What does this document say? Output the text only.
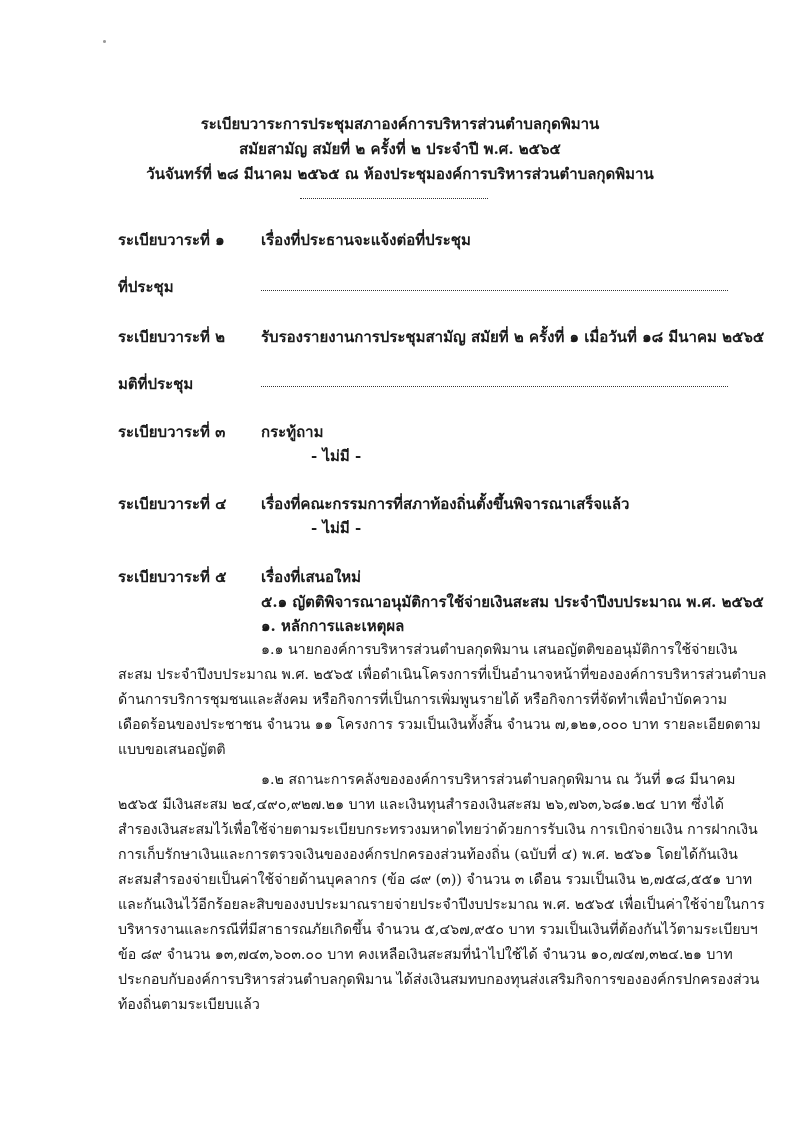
ระเบียบวาระการประชุมสภาองค์การบริหารส่วนตำบลกุดพิมาน
สมัยสามัญ สมัยที่ ๒ ครั้งที่ ๒ ประจำปี พ.ศ. ๒๕๖๕
วันจันทร์ที่ ๒๘ มีนาคม ๒๕๖๕ ณ ห้องประชุมองค์การบริหารส่วนตำบลกุดพิมาน
ระเบียบวาระที่ ๑ เรื่องที่ประธานจะแจ้งต่อที่ประชุม
ที่ประชุม
ระเบียบวาระที่ ๒ รับรองรายงานการประชุมสามัญ สมัยที่ ๒ ครั้งที่ ๑ เมื่อวันที่ ๑๘ มีนาคม ๒๕๖๕
มติที่ประชุม
ระเบียบวาระที่ ๓ กระทู้ถาม
- ไม่มี -
ระเบียบวาระที่ ๔ เรื่องที่คณะกรรมการที่สภาท้องถิ่นตั้งขึ้นพิจารณาเสร็จแล้ว
- ไม่มี -
ระเบียบวาระที่ ๕ เรื่องที่เสนอใหม่
๕.๑ ญัตติพิจารณาอนุมัติการใช้จ่ายเงินสะสม ประจำปีงบประมาณ พ.ศ. ๒๕๖๕
๑. หลักการและเหตุผล
๑.๑ นายกองค์การบริหารส่วนตำบลกุดพิมาน เสนอญัตติขออนุมัติการใช้จ่ายเงิน
สะสม ประจำปีงบประมาณ พ.ศ. ๒๕๖๕ เพื่อดำเนินโครงการที่เป็นอำนาจหน้าที่ขององค์การบริหารส่วนตำบล
ด้านการบริการชุมชนและสังคม หรือกิจการที่เป็นการเพิ่มพูนรายได้ หรือกิจการที่จัดทำเพื่อบำบัดความ
เดือดร้อนของประชาชน จำนวน ๑๑ โครงการ รวมเป็นเงินทั้งสิ้น จำนวน ๗,๑๒๑,๐๐๐ บาท รายละเอียดตาม
แบบขอเสนอญัตติ
๑.๒ สถานะการคลังขององค์การบริหารส่วนตำบลกุดพิมาน ณ วันที่ ๑๘ มีนาคม
๒๕๖๕ มีเงินสะสม ๒๔,๔๙๐,๙๒๗.๒๑ บาท และเงินทุนสำรองเงินสะสม ๒๖,๗๖๓,๖๘๑.๒๔ บาท ซึ่งได้
สำรองเงินสะสมไว้เพื่อใช้จ่ายตามระเบียบกระทรวงมหาดไทยว่าด้วยการรับเงิน การเบิกจ่ายเงิน การฝากเงิน
การเก็บรักษาเงินและการตรวจเงินขององค์กรปกครองส่วนท้องถิ่น (ฉบับที่ ๔) พ.ศ. ๒๕๖๑ โดยได้กันเงิน
สะสมสำรองจ่ายเป็นค่าใช้จ่ายด้านบุคลากร (ข้อ ๘๙ (๓)) จำนวน ๓ เดือน รวมเป็นเงิน ๒,๗๕๘,๕๕๑ บาท
และกันเงินไว้อีกร้อยละสิบของงบประมาณรายจ่ายประจำปีงบประมาณ พ.ศ. ๒๕๖๕ เพื่อเป็นค่าใช้จ่ายในการ
บริหารงานและกรณีที่มีสาธารณภัยเกิดขึ้น จำนวน ๕,๔๖๗,๙๕๐ บาท รวมเป็นเงินที่ต้องกันไว้ตามระเบียบฯ
ข้อ ๘๙ จำนวน ๑๓,๗๔๓,๖๐๓.๐๐ บาท คงเหลือเงินสะสมที่นำไปใช้ได้ จำนวน ๑๐,๗๔๗,๓๒๔.๒๑ บาท
ประกอบกับองค์การบริหารส่วนตำบลกุดพิมาน ได้ส่งเงินสมทบกองทุนส่งเสริมกิจการขององค์กรปกครองส่วน
ท้องถิ่นตามระเบียบแล้ว
